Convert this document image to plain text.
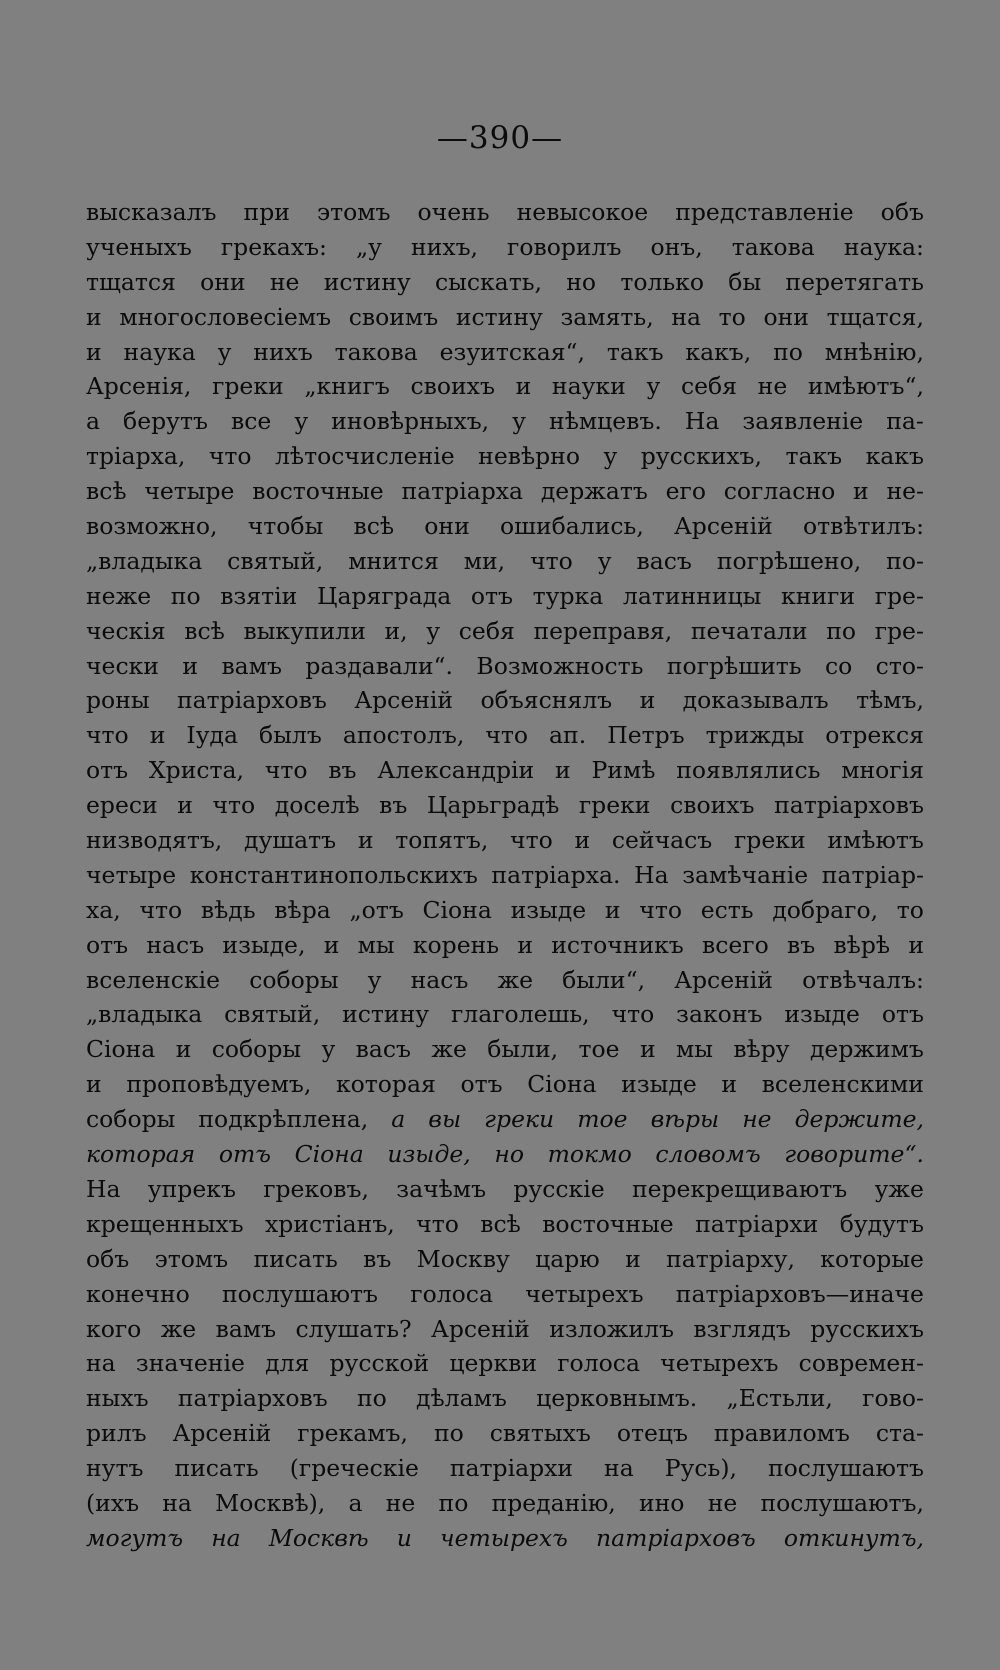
—390—
высказалъ при этомъ очень невысокое представленіе объ
ученыхъ грекахъ: „у нихъ, говорилъ онъ, такова наука:
тщатся они не истину сыскать, но только бы перетягать
и многословесіемъ своимъ истину замять, на то они тщатся,
и наука у нихъ такова езуитская“, такъ какъ, по мнѣнію,
Арсенія, греки „книгъ своихъ и науки у себя не имѣютъ“,
а берутъ все у иновѣрныхъ, у нѣмцевъ. На заявленіе па-
тріарха, что лѣтосчисленіе невѣрно у русскихъ, такъ какъ
всѣ четыре восточные патріарха держатъ его согласно и не-
возможно, чтобы всѣ они ошибались, Арсеній отвѣтилъ:
„владыка святый, мнится ми, что у васъ погрѣшено, по-
неже по взятіи Царяграда отъ турка латинницы книги гре-
ческія всѣ выкупили и, у себя переправя, печатали по гре-
чески и вамъ раздавали“. Возможность погрѣшить со сто-
роны патріарховъ Арсеній объяснялъ и доказывалъ тѣмъ,
что и Іуда былъ апостолъ, что ап. Петръ трижды отрекся
отъ Христа, что въ Александріи и Римѣ появлялись многія
ереси и что доселѣ въ Царьградѣ греки своихъ патріарховъ
низводятъ, душатъ и топятъ, что и сейчасъ греки имѣютъ
четыре константинопольскихъ патріарха. На замѣчаніе патріар-
ха, что вѣдь вѣра „отъ Сіона изыде и что есть добраго, то
отъ насъ изыде, и мы корень и источникъ всего въ вѣрѣ и
вселенскіе соборы у насъ же были“, Арсеній отвѣчалъ:
„владыка святый, истину глаголешь, что законъ изыде отъ
Сіона и соборы у васъ же были, тое и мы вѣру держимъ
и проповѣдуемъ, которая отъ Сіона изыде и вселенскими
соборы подкрѣплена, а вы греки тое вѣры не держите,
которая отъ Сіона изыде, но токмо словомъ говорите“.
На упрекъ грековъ, зачѣмъ русскіе перекрещиваютъ уже
крещенныхъ христіанъ, что всѣ восточные патріархи будутъ
объ этомъ писать въ Москву царю и патріарху, которые
конечно послушаютъ голоса четырехъ патріарховъ—иначе
кого же вамъ слушать? Арсеній изложилъ взглядъ русскихъ
на значеніе для русской церкви голоса четырехъ современ-
ныхъ патріарховъ по дѣламъ церковнымъ. „Естьли, гово-
рилъ Арсеній грекамъ, по святыхъ отецъ правиломъ ста-
нутъ писать (греческіе патріархи на Русь), послушаютъ
(ихъ на Москвѣ), а не по преданію, ино не послушаютъ,
могутъ на Москвѣ и четырехъ патріарховъ откинутъ,
